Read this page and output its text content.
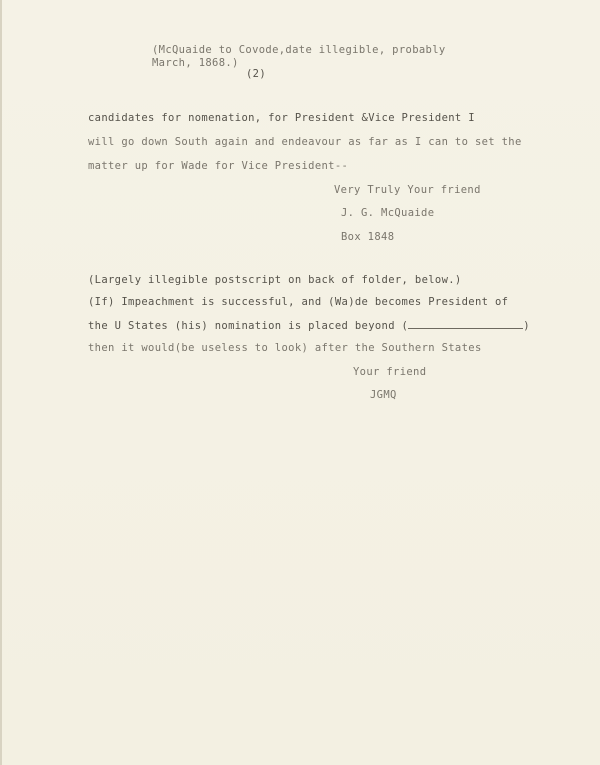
(McQuaide to Covode,date illegible, probably
March, 1868.)
(2)
candidates for nomenation, for President &Vice President I
will go down South again and endeavour as far as I can to set the
matter up for Wade for Vice President--
Very Truly Your friend
J. G. McQuaide
Box 1848
(Largely illegible postscript on back of folder, below.)
(If) Impeachment is successful, and (Wa)de becomes President of
the U States (his) nomination is placed beyond (	)
then it would(be useless to look) after the Southern States
Your friend
JGMQ
